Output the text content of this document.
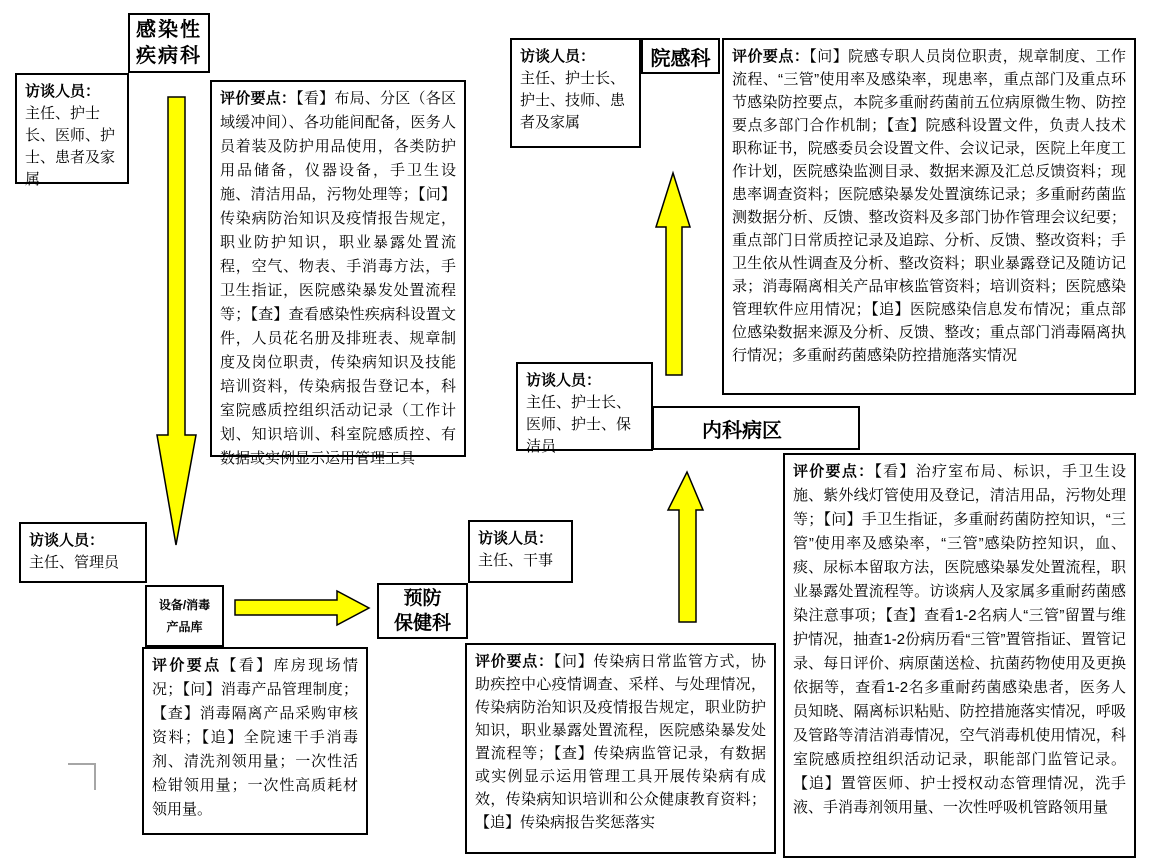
感染性
疾病科
访谈人员：
主任、护士长、医师、护士、患者及家属
评价要点：【看】布局、分区（各区域缓冲间）、各功能间配备，医务人员着装及防护用品使用，各类防护用品储备，仪器设备，手卫生设施、清洁用品，污物处理等；【问】传染病防治知识及疫情报告规定，职业防护知识，职业暴露处置流程，空气、物表、手消毒方法，手卫生指证，医院感染暴发处置流程等；【查】查看感染性疾病科设置文件，人员花名册及排班表、规章制度及岗位职责，传染病知识及技能培训资料，传染病报告登记本，科室院感质控组织活动记录（工作计划、知识培训、科室院感质控、有数据或实例显示运用管理工具
访谈人员：
主任、护士长、护士、技师、患者及家属
院感科	评价要点：【问】院感专职人员岗位职责，规章制度、工作流程、“三管”使用率及感染率，现患率，重点部门及重点环节感染防控要点，本院多重耐药菌前五位病原微生物、防控要点多部门合作机制；【查】院感科设置文件，负责人技术职称证书，院感委员会设置文件、会议记录，医院上年度工作计划，医院感染监测目录、数据来源及汇总反馈资料；现患率调查资料；医院感染暴发处置演练记录；多重耐药菌监测数据分析、反馈、整改资料及多部门协作管理会议纪要；重点部门日常质控记录及追踪、分析、反馈、整改资料；手卫生依从性调查及分析、整改资料；职业暴露登记及随访记录；消毒隔离相关产品审核监管资料；培训资料；医院感染管理软件应用情况；【追】医院感染信息发布情况；重点部位感染数据来源及分析、反馈、整改；重点部门消毒隔离执行情况；多重耐药菌感染防控措施落实情况
访谈人员：
主任、护士长、医师、护士、保洁员
内科病区
评价要点：【看】治疗室布局、标识，手卫生设施、紫外线灯管使用及登记，清洁用品，污物处理等；【问】手卫生指证，多重耐药菌防控知识，“三管”使用率及感染率，“三管”感染防控知识，血、痰、尿标本留取方法，医院感染暴发处置流程，职业暴露处置流程等。访谈病人及家属多重耐药菌感染注意事项；【查】查看1-2名病人“三管”留置与维护情况，抽查1-2份病历看“三管”置管指证、置管记录、每日评价、病原菌送检、抗菌药物使用及更换依据等，查看1-2名多重耐药菌感染患者，医务人员知晓、隔离标识粘贴、防控措施落实情况，呼吸及管路等清洁消毒情况，空气消毒机使用情况，科室院感质控组织活动记录，职能部门监管记录。【追】置管医师、护士授权动态管理情况，洗手液、手消毒剂领用量、一次性呼吸机管路领用量
访谈人员：
主任、管理员
设备/消毒
产品库
评价要点【看】库房现场情况；【问】消毒产品管理制度；【查】消毒隔离产品采购审核资料；【追】全院速干手消毒剂、清洗剂领用量；一次性活检钳领用量；一次性高质耗材领用量。
访谈人员：
主任、干事
预防
保健科
评价要点：【问】传染病日常监管方式，协助疾控中心疫情调查、采样、与处理情况，传染病防治知识及疫情报告规定，职业防护知识，职业暴露处置流程，医院感染暴发处置流程等；【查】传染病监管记录，有数据或实例显示运用管理工具开展传染病有成效，传染病知识培训和公众健康教育资料；【追】传染病报告奖惩落实
